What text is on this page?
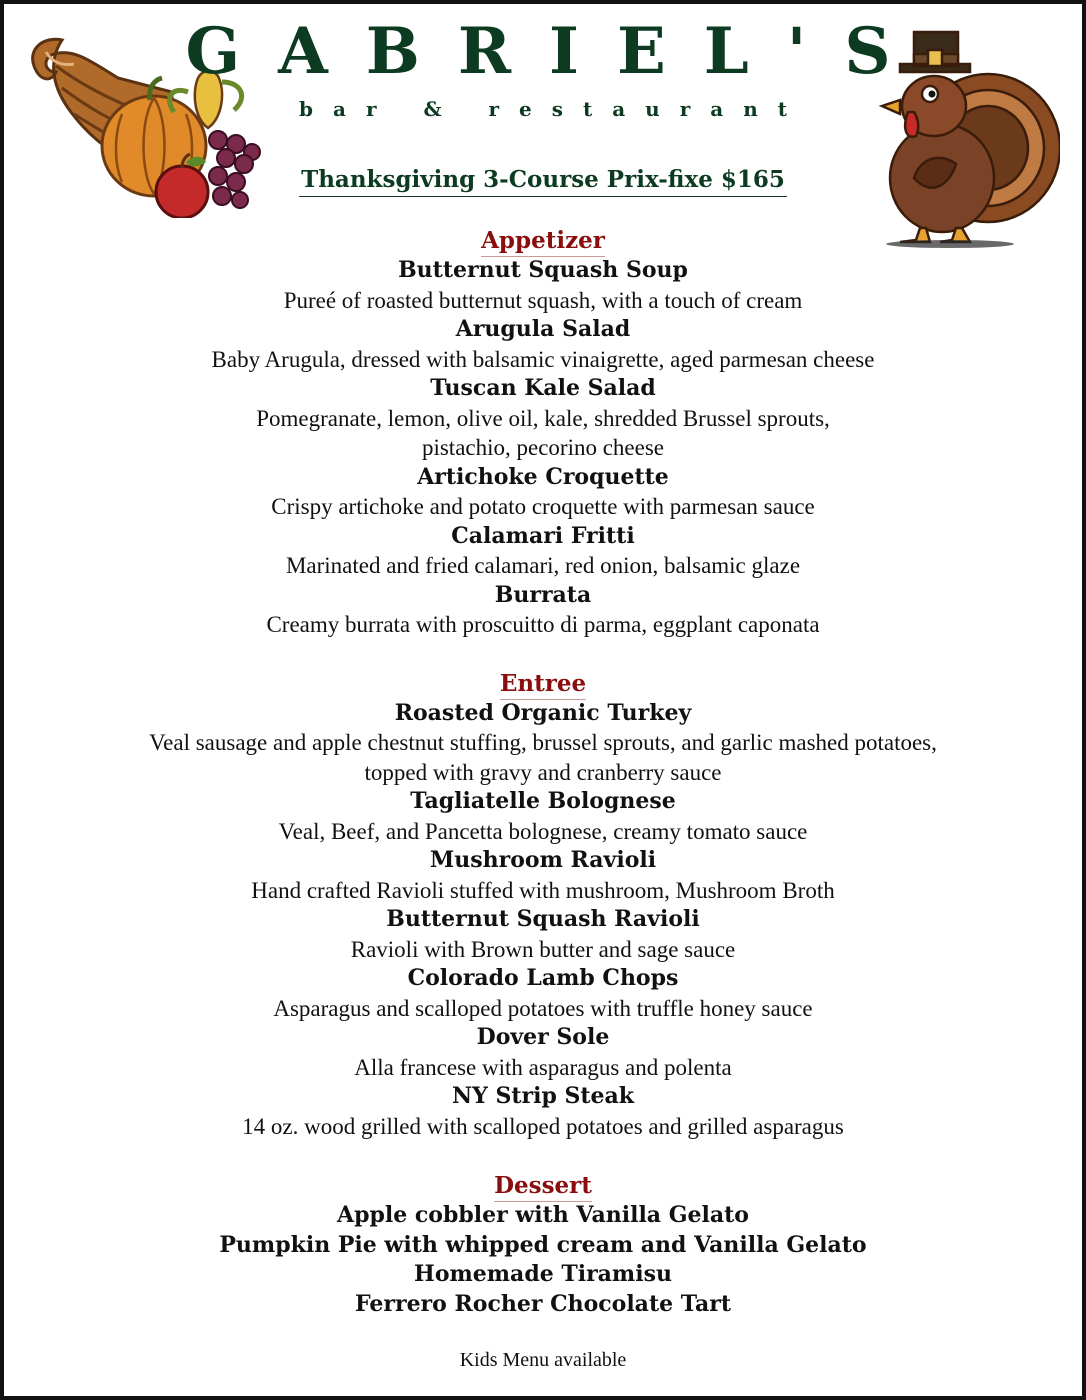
GABRIEL'S
bar & restaurant
Thanksgiving 3-Course Prix-fixe $165
Appetizer
Butternut Squash Soup
Pureé of roasted butternut squash, with a touch of cream
Arugula Salad
Baby Arugula, dressed with balsamic vinaigrette, aged parmesan cheese
Tuscan Kale Salad
Pomegranate, lemon, olive oil, kale, shredded Brussel sprouts,
pistachio, pecorino cheese
Artichoke Croquette
Crispy artichoke and potato croquette with parmesan sauce
Calamari Fritti
Marinated and fried calamari, red onion, balsamic glaze
Burrata
Creamy burrata with proscuitto di parma, eggplant caponata
Entree
Roasted Organic Turkey
Veal sausage and apple chestnut stuffing, brussel sprouts, and garlic mashed potatoes,
topped with gravy and cranberry sauce
Tagliatelle Bolognese
Veal, Beef, and Pancetta bolognese, creamy tomato sauce
Mushroom Ravioli
Hand crafted Ravioli stuffed with mushroom, Mushroom Broth
Butternut Squash Ravioli
Ravioli with Brown butter and sage sauce
Colorado Lamb Chops
Asparagus and scalloped potatoes with truffle honey sauce
Dover Sole
Alla francese with asparagus and polenta
NY Strip Steak
14 oz. wood grilled with scalloped potatoes and grilled asparagus
Dessert
Apple cobbler with Vanilla Gelato
Pumpkin Pie with whipped cream and Vanilla Gelato
Homemade Tiramisu
Ferrero Rocher Chocolate Tart
Kids Menu available
